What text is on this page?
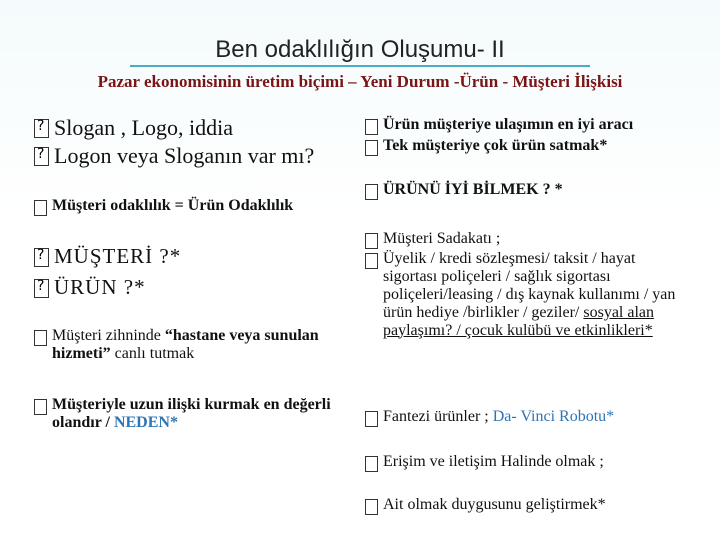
Ben odaklılığın Oluşumu- II
Pazar ekonomisinin üretim biçimi – Yeni Durum -Ürün - Müşteri İlişkisi
?
Slogan , Logo, iddia
?
Logon veya Sloganın var mı?
Müşteri odaklılık = Ürün Odaklılık
?
MÜŞTERİ ?*
?
ÜRÜN ?*
Müşteri zihninde “hastane veya sunulan hizmeti” canlı tutmak
Müşteriyle uzun ilişki kurmak en değerli olandır / NEDEN*
Ürün müşteriye ulaşımın en iyi aracı
Tek müşteriye çok ürün satmak*
ÜRÜNÜ İYİ BİLMEK ? *
Müşteri Sadakatı ;
Üyelik / kredi sözleşmesi/ taksit / hayat sigortası poliçeleri / sağlık sigortası poliçeleri/leasing / dış kaynak kullanımı / yan ürün hediye /birlikler / geziler/ sosyal alan paylaşımı? / çocuk kulübü ve etkinlikleri*
Fantezi ürünler ; Da- Vinci Robotu*
Erişim ve iletişim Halinde olmak ;
Ait olmak duygusunu geliştirmek*
